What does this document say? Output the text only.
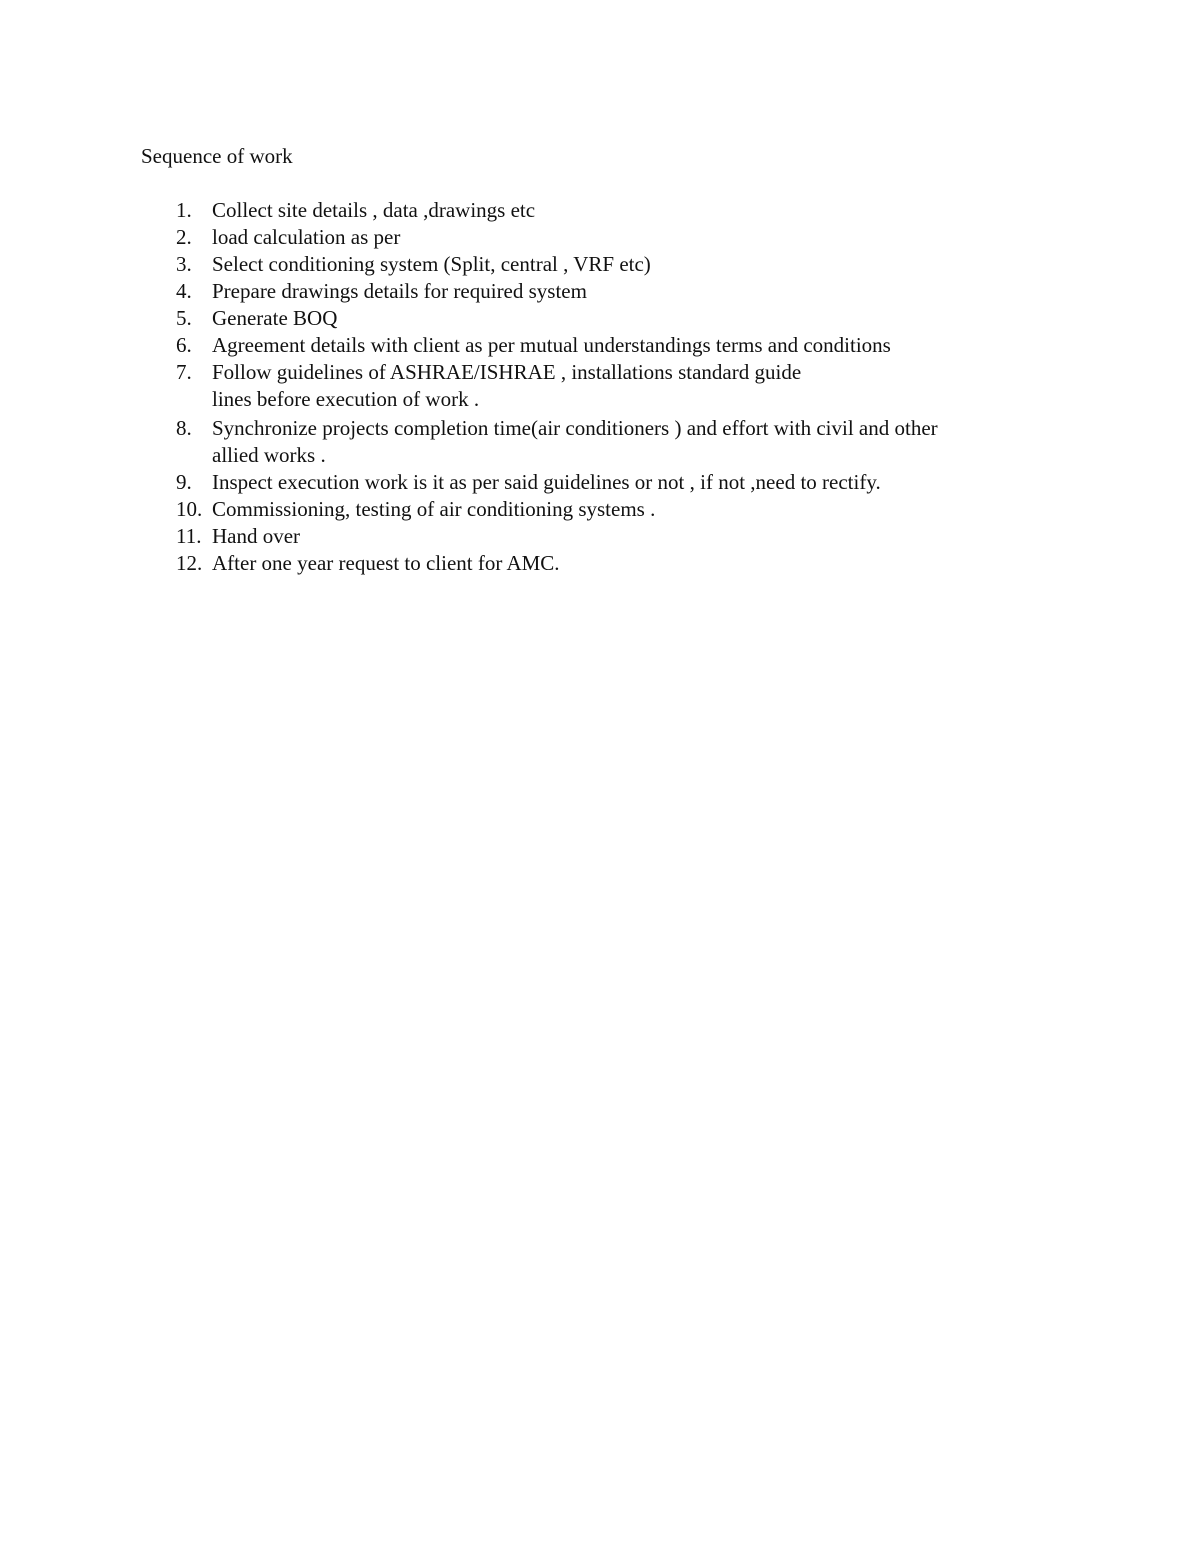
Sequence of work
1. Collect site details , data ,drawings etc
2. load calculation as per
3. Select conditioning system (Split, central , VRF etc)
4. Prepare drawings details for required system
5. Generate BOQ
6. Agreement details with client as per mutual understandings terms and conditions
7. Follow guidelines of ASHRAE/ISHRAE , installations standard guide
lines before execution of work .
8. Synchronize projects completion time(air conditioners ) and effort with civil and other
allied works .
9. Inspect execution work is it as per said guidelines or not , if not ,need to rectify.
10. Commissioning, testing of air conditioning systems .
11. Hand over
12. After one year request to client for AMC.
